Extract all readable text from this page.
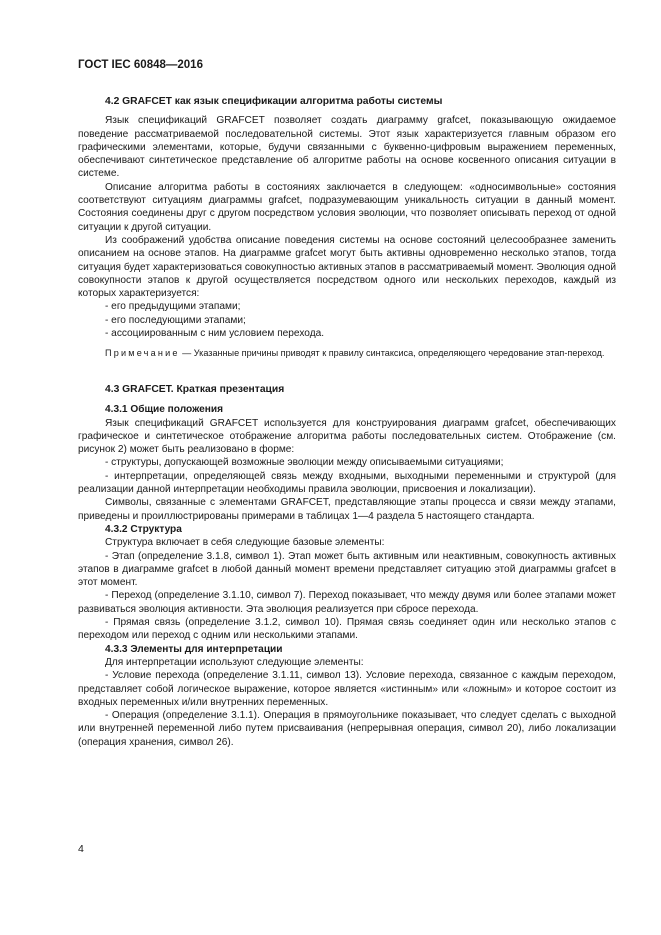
ГОСТ IEC 60848—2016

4.2 GRAFCET как язык спецификации алгоритма работы системы

Язык спецификаций GRAFCET позволяет создать диаграмму grafcet, показывающую ожидаемое поведение рассматриваемой последовательной системы. Этот язык характеризуется главным образом его графическими элементами, которые, будучи связанными с буквенно-цифровым выражением переменных, обеспечивают синтетическое представление об алгоритме работы на основе косвенного описания ситуации в системе.

Описание алгоритма работы в состояниях заключается в следующем: «односимвольные» состояния соответствуют ситуациям диаграммы grafcet, подразумевающим уникальность ситуации в данный момент. Состояния соединены друг с другом посредством условия эволюции, что позволяет описывать переход от одной ситуации к другой ситуации.

Из соображений удобства описание поведения системы на основе состояний целесообразнее заменить описанием на основе этапов. На диаграмме grafcet могут быть активны одновременно несколько этапов, тогда ситуация будет характеризоваться совокупностью активных этапов в рассматриваемый момент. Эволюция одной совокупности этапов к другой осуществляется посредством одного или нескольких переходов, каждый из которых характеризуется:

- его предыдущими этапами;

- его последующими этапами;

- ассоциированным с ним условием перехода.

Примечание — Указанные причины приводят к правилу синтаксиса, определяющего чередование этап-переход.

4.3 GRAFCET. Краткая презентация

4.3.1 Общие положения

Язык спецификаций GRAFCET используется для конструирования диаграмм grafcet, обеспечивающих графическое и синтетическое отображение алгоритма работы последовательных систем. Отображение (см. рисунок 2) может быть реализовано в форме:

- структуры, допускающей возможные эволюции между описываемыми ситуациями;

- интерпретации, определяющей связь между входными, выходными переменными и структурой (для реализации данной интерпретации необходимы правила эволюции, присвоения и локализации).

Символы, связанные с элементами GRAFCET, представляющие этапы процесса и связи между этапами, приведены и проиллюстрированы примерами в таблицах 1—4 раздела 5 настоящего стандарта.

4.3.2 Структура

Структура включает в себя следующие базовые элементы:

- Этап (определение 3.1.8, символ 1). Этап может быть активным или неактивным, совокупность активных этапов в диаграмме grafcet в любой данный момент времени представляет ситуацию этой диаграммы grafcet в этот момент.

- Переход (определение 3.1.10, символ 7). Переход показывает, что между двумя или более этапами может развиваться эволюция активности. Эта эволюция реализуется при сбросе перехода.

- Прямая связь (определение 3.1.2, символ 10). Прямая связь соединяет один или несколько этапов с переходом или переход с одним или несколькими этапами.

4.3.3 Элементы для интерпретации

Для интерпретации используют следующие элементы:

- Условие перехода (определение 3.1.11, символ 13). Условие перехода, связанное с каждым переходом, представляет собой логическое выражение, которое является «истинным» или «ложным» и которое состоит из входных переменных и/или внутренних переменных.

- Операция (определение 3.1.1). Операция в прямоугольнике показывает, что следует сделать с выходной или внутренней переменной либо путем присваивания (непрерывная операция, символ 20), либо локализации (операция хранения, символ 26).

4
